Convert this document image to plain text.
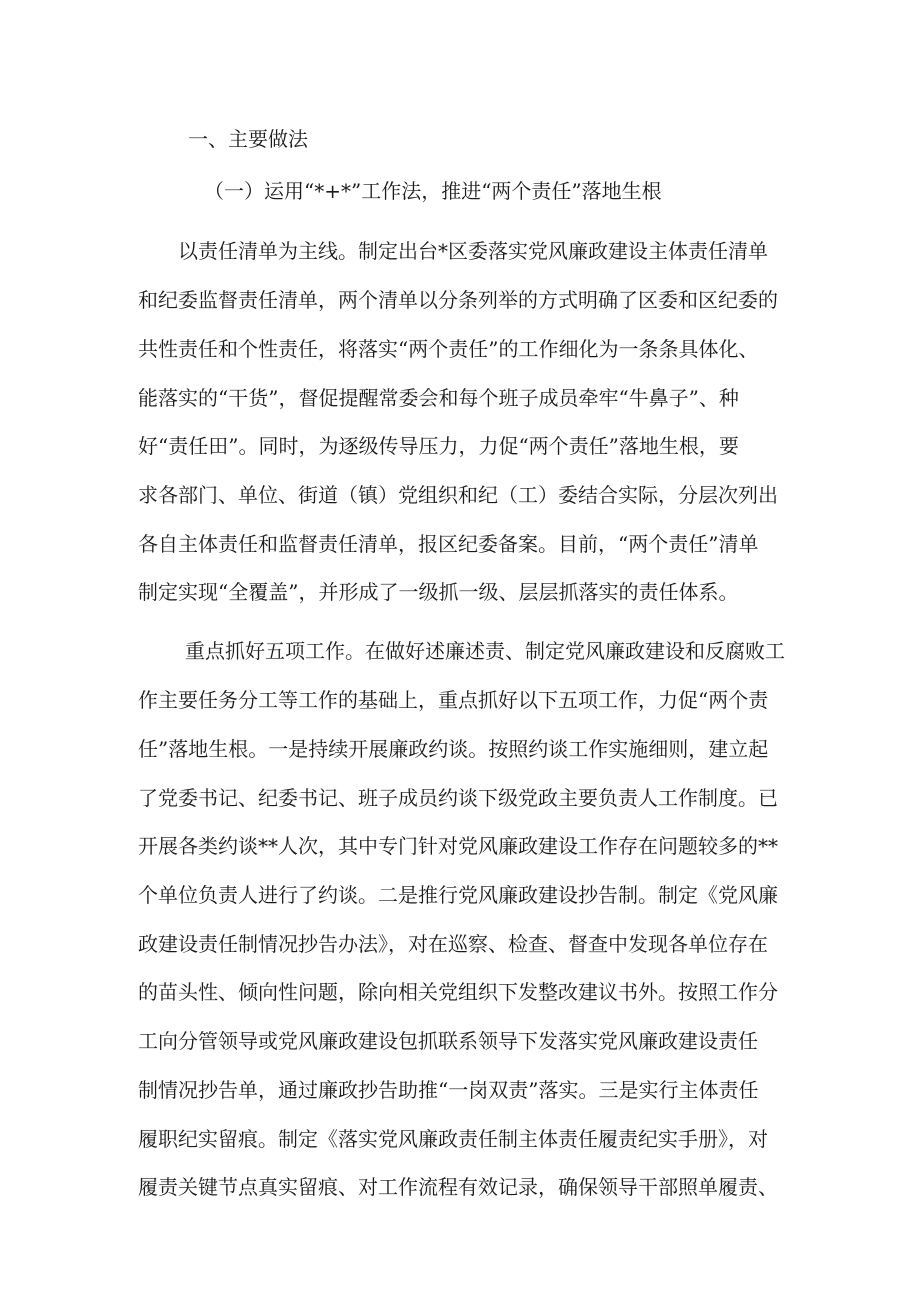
一、主要做法

（一）运用“*+*”工作法，推进“两个责任”落地生根

以责任清单为主线。制定出台*区委落实党风廉政建设主体责任清单

和纪委监督责任清单，两个清单以分条列举的方式明确了区委和区纪委的

共性责任和个性责任，将落实“两个责任”的工作细化为一条条具体化、

能落实的“干货”，督促提醒常委会和每个班子成员牵牢“牛鼻子”、种

好“责任田”。同时，为逐级传导压力，力促“两个责任”落地生根，要

求各部门、单位、街道（镇）党组织和纪（工）委结合实际，分层次列出

各自主体责任和监督责任清单，报区纪委备案。目前，“两个责任”清单

制定实现“全覆盖”，并形成了一级抓一级、层层抓落实的责任体系。

重点抓好五项工作。在做好述廉述责、制定党风廉政建设和反腐败工

作主要任务分工等工作的基础上，重点抓好以下五项工作，力促“两个责

任”落地生根。一是持续开展廉政约谈。按照约谈工作实施细则，建立起

了党委书记、纪委书记、班子成员约谈下级党政主要负责人工作制度。已

开展各类约谈**人次，其中专门针对党风廉政建设工作存在问题较多的**

个单位负责人进行了约谈。二是推行党风廉政建设抄告制。制定《党风廉

政建设责任制情况抄告办法》，对在巡察、检查、督查中发现各单位存在

的苗头性、倾向性问题，除向相关党组织下发整改建议书外。按照工作分

工向分管领导或党风廉政建设包抓联系领导下发落实党风廉政建设责任

制情况抄告单，通过廉政抄告助推“一岗双责”落实。三是实行主体责任

履职纪实留痕。制定《落实党风廉政责任制主体责任履责纪实手册》，对

履责关键节点真实留痕、对工作流程有效记录，确保领导干部照单履责、
